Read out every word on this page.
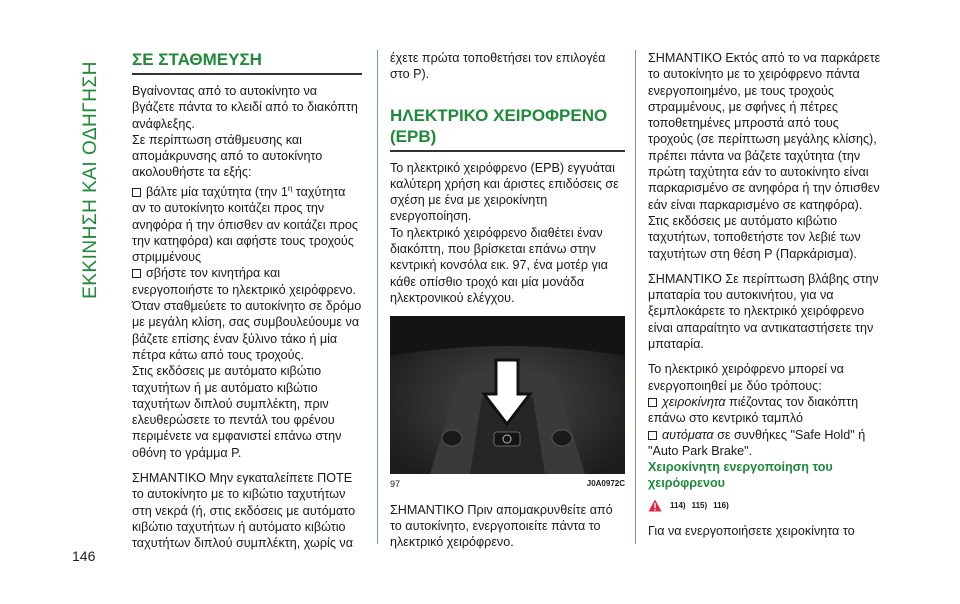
ΕΚΚΙΝΗΣΗ ΚΑΙ ΟΔΗΓΗΣΗ
146
ΣΕ ΣΤΑΘΜΕΥΣΗ

Βγαίνοντας από το αυτοκίνητο να βγάζετε πάντα το κλειδί από το διακόπτη ανάφλεξης.

Σε περίπτωση στάθμευσης και απομάκρυνσης από το αυτοκίνητο ακολουθήστε τα εξής:

βάλτε μία ταχύτητα (την $1^\eta$ ταχύτητα αν το αυτοκίνητο κοιτάζει προς την ανηφόρα ή την όπισθεν αν κοιτάζει προς την κατηφόρα) και αφήστε τους τροχούς στριμμένους

σβήστε τον κινητήρα και ενεργοποιήστε το ηλεκτρικό χειρόφρενο.

Όταν σταθμεύετε το αυτοκίνητο σε δρόμο με μεγάλη κλίση, σας συμβουλεύουμε να βάζετε επίσης έναν ξύλινο τάκο ή μία πέτρα κάτω από τους τροχούς.

Στις εκδόσεις με αυτόματο κιβώτιο ταχυτήτων ή με αυτόματο κιβώτιο ταχυτήτων διπλού συμπλέκτη, πριν ελευθερώσετε το πεντάλ του φρένου περιμένετε να εμφανιστεί επάνω στην οθόνη το γράμμα P.

ΣΗΜΑΝΤΙΚΟ Μην εγκαταλείπετε ΠΟΤΕ το αυτοκίνητο με το κιβώτιο ταχυτήτων στη νεκρά (ή, στις εκδόσεις με αυτόματο κιβώτιο ταχυτήτων ή αυτόματο κιβώτιο ταχυτήτων διπλού συμπλέκτη, χωρίς να

έχετε πρώτα τοποθετήσει τον επιλογέα στο P).

ΗΛΕΚΤΡΙΚΟ ΧΕΙΡΟΦΡΕΝΟ (EPB)

Το ηλεκτρικό χειρόφρενο (EPB) εγγυάται καλύτερη χρήση και άριστες επιδόσεις σε σχέση με ένα με χειροκίνητη ενεργοποίηση.

Το ηλεκτρικό χειρόφρενο διαθέτει έναν διακόπτη, που βρίσκεται επάνω στην κεντρική κονσόλα εικ. 97, ένα μοτέρ για κάθε οπίσθιο τροχό και μία μονάδα ηλεκτρονικού ελέγχου.

97	J0A0972C

ΣΗΜΑΝΤΙΚΟ Πριν απομακρυνθείτε από το αυτοκίνητο, ενεργοποιείτε πάντα το ηλεκτρικό χειρόφρενο.

ΣΗΜΑΝΤΙΚΟ Εκτός από το να παρκάρετε το αυτοκίνητο με το χειρόφρενο πάντα ενεργοποιημένο, με τους τροχούς στραμμένους, με σφήνες ή πέτρες τοποθετημένες μπροστά από τους τροχούς (σε περίπτωση μεγάλης κλίσης), πρέπει πάντα να βάζετε ταχύτητα (την πρώτη ταχύτητα εάν το αυτοκίνητο είναι παρκαρισμένο σε ανηφόρα ή την όπισθεν εάν είναι παρκαρισμένο σε κατηφόρα). Στις εκδόσεις με αυτόματο κιβώτιο ταχυτήτων, τοποθετήστε τον λεβιέ των ταχυτήτων στη θέση P (Παρκάρισμα).

ΣΗΜΑΝΤΙΚΟ Σε περίπτωση βλάβης στην μπαταρία του αυτοκινήτου, για να ξεμπλοκάρετε το ηλεκτρικό χειρόφρενο είναι απαραίτητο να αντικαταστήσετε την μπαταρία.

Το ηλεκτρικό χειρόφρενο μπορεί να ενεργοποιηθεί με δύο τρόπους:

χειροκίνητα πιέζοντας τον διακόπτη επάνω στο κεντρικό ταμπλό

αυτόματα σε συνθήκες "Safe Hold" ή "Auto Park Brake".

Χειροκίνητη ενεργοποίηση του χειρόφρενου

114) 115) 116)

Για να ενεργοποιήσετε χειροκίνητα το
